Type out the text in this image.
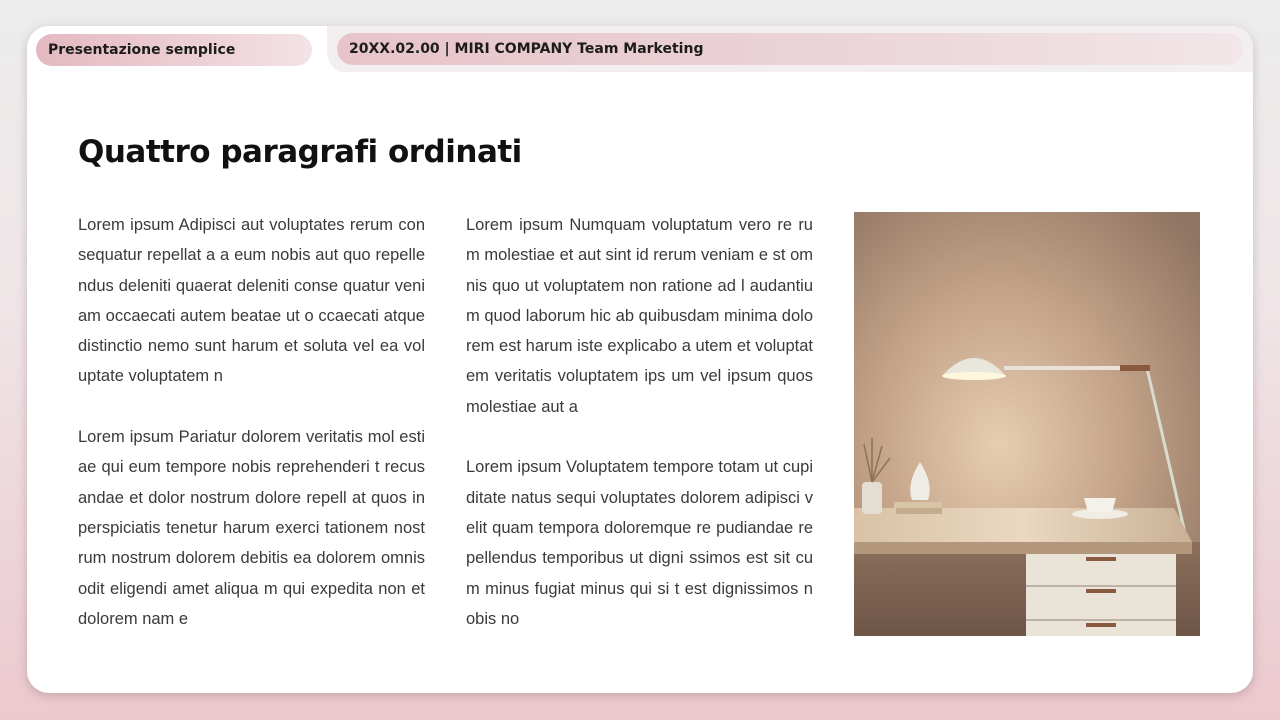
Presentazione semplice	20XX.02.00 | MIRI COMPANY Team Marketing
Quattro paragrafi ordinati

Lorem ipsum Adipisci aut voluptates rerum consequatur repellat a a eum nobis aut quo repellendus deleniti quaerat deleniti conse quatur veniam occaecati autem beatae ut o ccaecati atque distinctio nemo sunt harum et soluta vel ea voluptate voluptatem n

Lorem ipsum Pariatur dolorem veritatis mol estiae qui eum tempore nobis reprehenderi t recusandae et dolor nostrum dolore repell at quos in perspiciatis tenetur harum exerci tationem nostrum nostrum dolorem debitis ea dolorem omnis odit eligendi amet aliqua m qui expedita non et dolorem nam e

Lorem ipsum Numquam voluptatum vero re rum molestiae et aut sint id rerum veniam e st omnis quo ut voluptatem non ratione ad l audantium quod laborum hic ab quibusdam minima dolorem est harum iste explicabo a utem et voluptatem veritatis voluptatem ips um vel ipsum quos molestiae aut a

Lorem ipsum Voluptatem tempore totam ut cupiditate natus sequi voluptates dolorem adipisci velit quam tempora doloremque re pudiandae repellendus temporibus ut digni ssimos est sit cum minus fugiat minus qui si t est dignissimos nobis no
